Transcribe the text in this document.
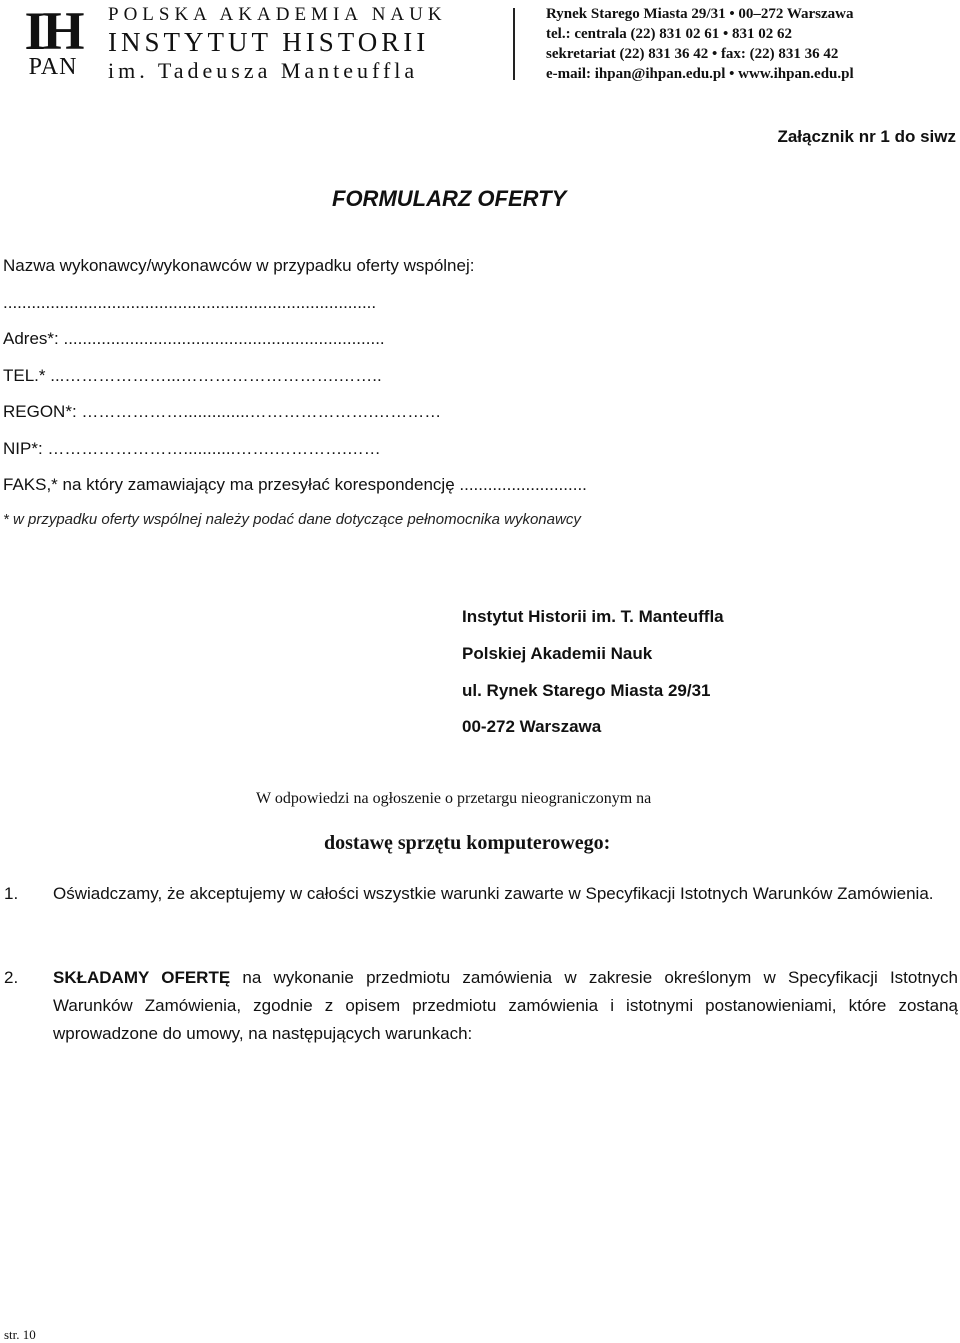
IH
PAN
POLSKA AKADEMIA NAUK
INSTYTUT HISTORII
im. Tadeusza Manteuffla
Rynek Starego Miasta 29/31 • 00–272 Warszawa
tel.: centrala (22) 831 02 61 • 831 02 62
sekretariat (22) 831 36 42 • fax: (22) 831 36 42
e-mail: ihpan@ihpan.edu.pl • www.ihpan.edu.pl
Załącznik nr 1 do siwz
FORMULARZ OFERTY
Nazwa wykonawcy/wykonawców w przypadku oferty wspólnej:
...............................................................................
Adres*: ....................................................................
TEL.* ...………………...……………………….……..
REGON*: ………………..............………………….…………
NIP*: ……………………...........…….………….……
FAKS,* na który zamawiający ma przesyłać korespondencję ...........................
* w przypadku oferty wspólnej należy podać dane dotyczące pełnomocnika wykonawcy
Instytut Historii im. T. Manteuffla
Polskiej Akademii Nauk
ul. Rynek Starego Miasta 29/31
00-272 Warszawa
W odpowiedzi na ogłoszenie o przetargu nieograniczonym na
dostawę sprzętu komputerowego:
1. Oświadczamy, że akceptujemy w całości wszystkie warunki zawarte w Specyfikacji Istotnych Warunków Zamówienia.
2. SKŁADAMY OFERTĘ na wykonanie przedmiotu zamówienia w zakresie określonym w Specyfikacji Istotnych Warunków Zamówienia, zgodnie z opisem przedmiotu zamówienia i istotnymi postanowieniami, które zostaną wprowadzone do umowy, na następujących warunkach:
str. 10
